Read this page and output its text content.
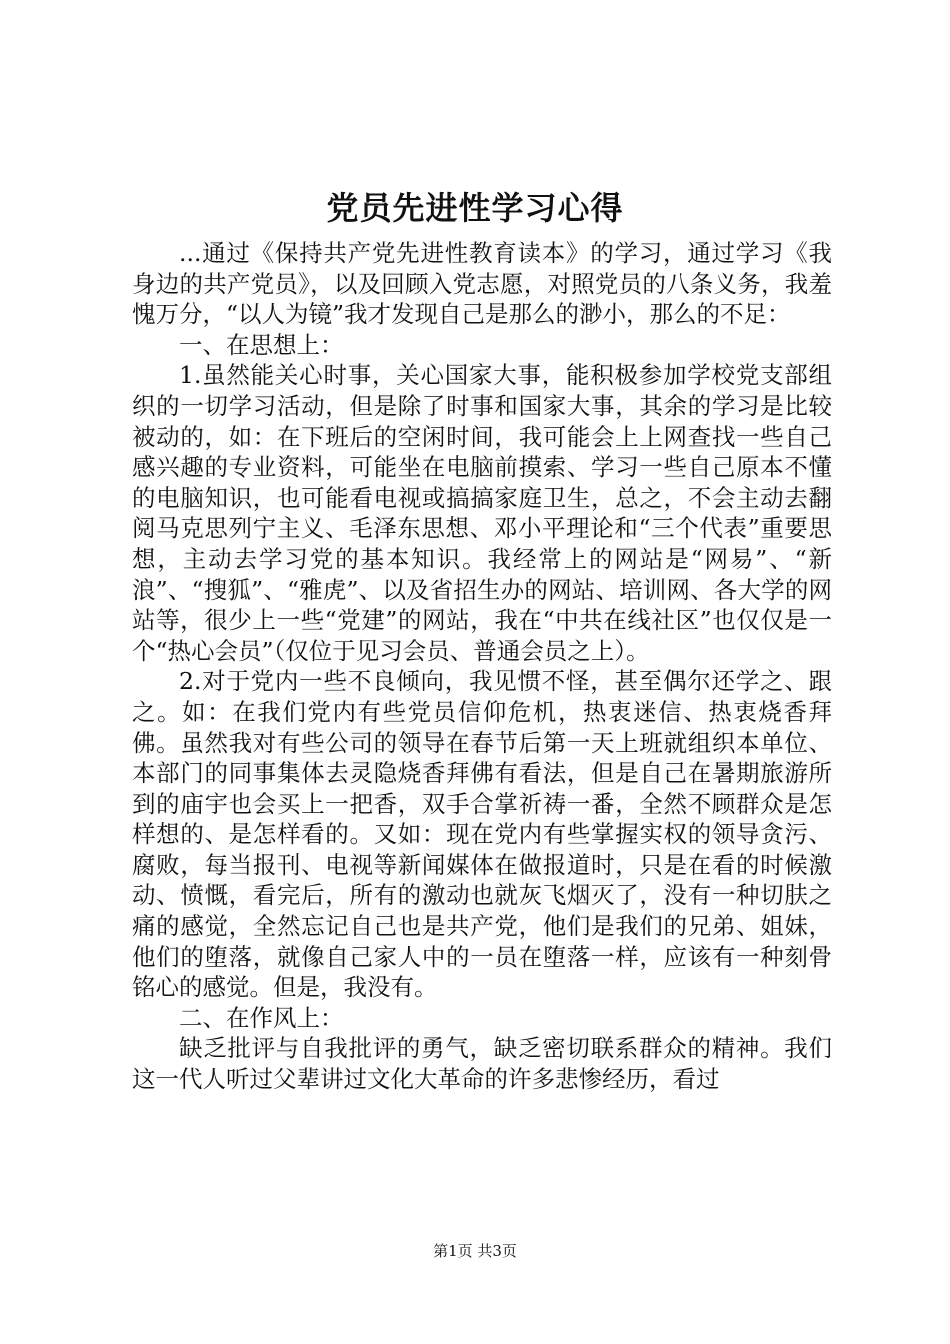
党员先进性学习心得

...通过《保持共产党先进性教育读本》的学习，通过学习《我身边的共产党员》，以及回顾入党志愿，对照党员的八条义务，我羞愧万分，“以人为镜”我才发现自己是那么的渺小，那么的不足：

一、在思想上：

1.虽然能关心时事，关心国家大事，能积极参加学校党支部组织的一切学习活动，但是除了时事和国家大事，其余的学习是比较被动的，如：在下班后的空闲时间，我可能会上上网查找一些自己感兴趣的专业资料，可能坐在电脑前摸索、学习一些自己原本不懂的电脑知识，也可能看电视或搞搞家庭卫生，总之，不会主动去翻阅马克思列宁主义、毛泽东思想、邓小平理论和“三个代表”重要思想，主动去学习党的基本知识。我经常上的网站是“网易”、“新浪”、“搜狐”、“雅虎”、以及省招生办的网站、培训网、各大学的网站等，很少上一些“党建”的网站，我在“中共在线社区”也仅仅是一个“热心会员”（仅位于见习会员、普通会员之上）。

2.对于党内一些不良倾向，我见惯不怪，甚至偶尔还学之、跟之。如：在我们党内有些党员信仰危机，热衷迷信、热衷烧香拜佛。虽然我对有些公司的领导在春节后第一天上班就组织本单位、本部门的同事集体去灵隐烧香拜佛有看法，但是自己在暑期旅游所到的庙宇也会买上一把香，双手合掌祈祷一番，全然不顾群众是怎样想的、是怎样看的。又如：现在党内有些掌握实权的领导贪污、腐败，每当报刊、电视等新闻媒体在做报道时，只是在看的时候激动、愤慨，看完后，所有的激动也就灰飞烟灭了，没有一种切肤之痛的感觉，全然忘记自己也是共产党，他们是我们的兄弟、姐妹，他们的堕落，就像自己家人中的一员在堕落一样，应该有一种刻骨铭心的感觉。但是，我没有。

二、在作风上：

缺乏批评与自我批评的勇气，缺乏密切联系群众的精神。我们这一代人听过父辈讲过文化大革命的许多悲惨经历，看过

第1页 共3页
